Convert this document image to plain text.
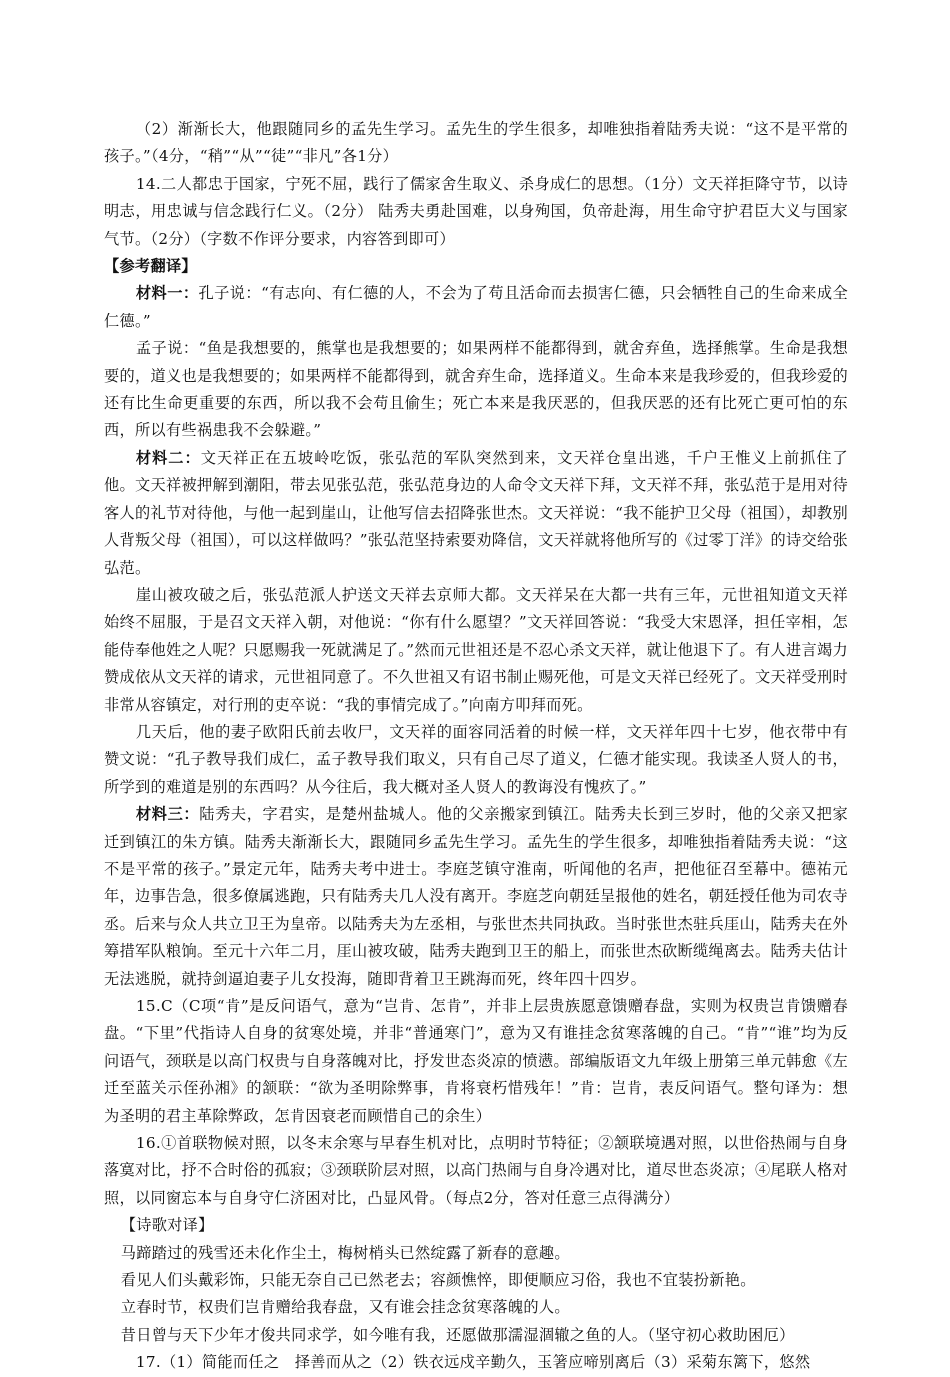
（2）渐渐长大，他跟随同乡的孟先生学习。孟先生的学生很多，却唯独指着陆秀夫说：“这不是平常的孩子。”（4分，“稍”“从”“徒”“非凡”各1分）

14.二人都忠于国家，宁死不屈，践行了儒家舍生取义、杀身成仁的思想。（1分）文天祥拒降守节，以诗明志，用忠诚与信念践行仁义。（2分） 陆秀夫勇赴国难，以身殉国，负帝赴海，用生命守护君臣大义与国家气节。（2分）（字数不作评分要求，内容答到即可）

【参考翻译】

材料一：孔子说：“有志向、有仁德的人，不会为了苟且活命而去损害仁德，只会牺牲自己的生命来成全仁德。”

孟子说：“鱼是我想要的，熊掌也是我想要的；如果两样不能都得到，就舍弃鱼，选择熊掌。生命是我想要的，道义也是我想要的；如果两样不能都得到，就舍弃生命，选择道义。生命本来是我珍爱的，但我珍爱的还有比生命更重要的东西，所以我不会苟且偷生；死亡本来是我厌恶的，但我厌恶的还有比死亡更可怕的东西，所以有些祸患我不会躲避。”

材料二：文天祥正在五坡岭吃饭，张弘范的军队突然到来，文天祥仓皇出逃，千户王惟义上前抓住了他。文天祥被押解到潮阳，带去见张弘范，张弘范身边的人命令文天祥下拜，文天祥不拜，张弘范于是用对待客人的礼节对待他，与他一起到崖山，让他写信去招降张世杰。文天祥说：“我不能护卫父母（祖国），却教别人背叛父母（祖国），可以这样做吗？”张弘范坚持索要劝降信，文天祥就将他所写的《过零丁洋》的诗交给张弘范。

崖山被攻破之后，张弘范派人护送文天祥去京师大都。文天祥呆在大都一共有三年，元世祖知道文天祥始终不屈服，于是召文天祥入朝，对他说：“你有什么愿望？”文天祥回答说：“我受大宋恩泽，担任宰相，怎能侍奉他姓之人呢？只愿赐我一死就满足了。”然而元世祖还是不忍心杀文天祥，就让他退下了。有人进言竭力赞成依从文天祥的请求，元世祖同意了。不久世祖又有诏书制止赐死他，可是文天祥已经死了。文天祥受刑时非常从容镇定，对行刑的吏卒说：“我的事情完成了。”向南方叩拜而死。

几天后，他的妻子欧阳氏前去收尸，文天祥的面容同活着的时候一样，文天祥年四十七岁，他衣带中有赞文说：“孔子教导我们成仁，孟子教导我们取义，只有自己尽了道义，仁德才能实现。我读圣人贤人的书，所学到的难道是别的东西吗？从今往后，我大概对圣人贤人的教诲没有愧疚了。”

材料三：陆秀夫，字君实，是楚州盐城人。他的父亲搬家到镇江。陆秀夫长到三岁时，他的父亲又把家迁到镇江的朱方镇。陆秀夫渐渐长大，跟随同乡孟先生学习。孟先生的学生很多，却唯独指着陆秀夫说：“这不是平常的孩子。”景定元年，陆秀夫考中进士。李庭芝镇守淮南，听闻他的名声，把他征召至幕中。德祐元年，边事告急，很多僚属逃跑，只有陆秀夫几人没有离开。李庭芝向朝廷呈报他的姓名，朝廷授任他为司农寺丞。后来与众人共立卫王为皇帝。以陆秀夫为左丞相，与张世杰共同执政。当时张世杰驻兵厓山，陆秀夫在外筹措军队粮饷。至元十六年二月，厓山被攻破，陆秀夫跑到卫王的船上，而张世杰砍断缆绳离去。陆秀夫估计无法逃脱，就持剑逼迫妻子儿女投海，随即背着卫王跳海而死，终年四十四岁。

15.C（C项“肯”是反问语气，意为“岂肯、怎肯”，并非上层贵族愿意馈赠春盘，实则为权贵岂肯馈赠春盘。“下里”代指诗人自身的贫寒处境，并非“普通寒门”，意为又有谁挂念贫寒落魄的自己。“肯”“谁”均为反问语气，颈联是以高门权贵与自身落魄对比，抒发世态炎凉的愤懑。部编版语文九年级上册第三单元韩愈《左迁至蓝关示侄孙湘》的颔联：“欲为圣明除弊事，肯将衰朽惜残年！”肯：岂肯，表反问语气。整句译为：想为圣明的君主革除弊政，怎肯因衰老而顾惜自己的余生）

16.①首联物候对照，以冬末余寒与早春生机对比，点明时节特征；②颔联境遇对照，以世俗热闹与自身落寞对比，抒不合时俗的孤寂；③颈联阶层对照，以高门热闹与自身冷遇对比，道尽世态炎凉；④尾联人格对照，以同窗忘本与自身守仁济困对比，凸显风骨。（每点2分，答对任意三点得满分）

【诗歌对译】

马蹄踏过的残雪还未化作尘土，梅树梢头已然绽露了新春的意趣。

看见人们头戴彩饰，只能无奈自己已然老去；容颜憔悴，即便顺应习俗，我也不宜装扮新艳。

立春时节，权贵们岂肯赠给我春盘，又有谁会挂念贫寒落魄的人。

昔日曾与天下少年才俊共同求学，如今唯有我，还愿做那濡湿涸辙之鱼的人。（坚守初心救助困厄）

17.（1）简能而任之　择善而从之（2）铁衣远戍辛勤久，玉箸应啼别离后（3）采菊东篱下，悠然
